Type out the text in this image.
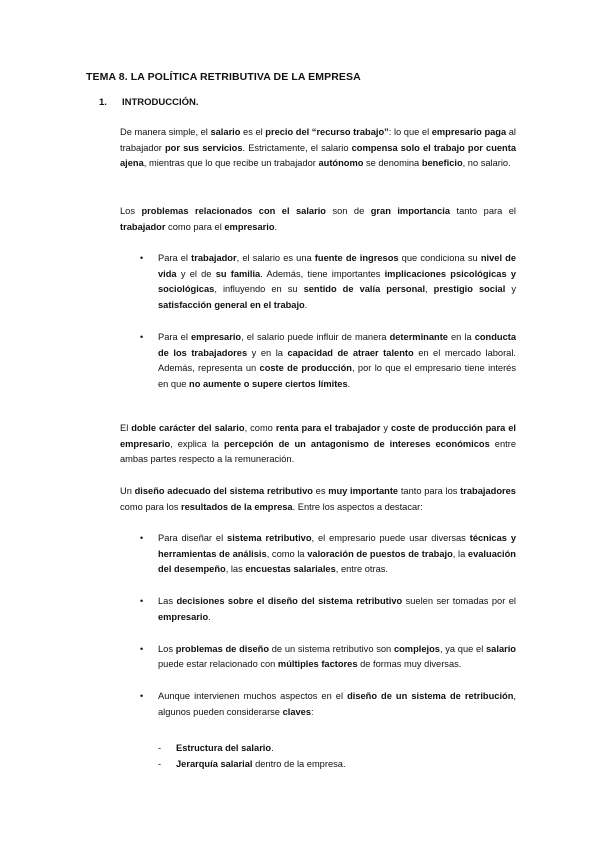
TEMA 8. LA POLÍTICA RETRIBUTIVA DE LA EMPRESA
1. INTRODUCCIÓN.
De manera simple, el salario es el precio del “recurso trabajo”: lo que el empresario paga al trabajador por sus servicios. Estrictamente, el salario compensa solo el trabajo por cuenta ajena, mientras que lo que recibe un trabajador autónomo se denomina beneficio, no salario.
Los problemas relacionados con el salario son de gran importancia tanto para el trabajador como para el empresario.
• Para el trabajador, el salario es una fuente de ingresos que condiciona su nivel de vida y el de su familia. Además, tiene importantes implicaciones psicológicas y sociológicas, influyendo en su sentido de valía personal, prestigio social y satisfacción general en el trabajo.
• Para el empresario, el salario puede influir de manera determinante en la conducta de los trabajadores y en la capacidad de atraer talento en el mercado laboral. Además, representa un coste de producción, por lo que el empresario tiene interés en que no aumente o supere ciertos límites.
El doble carácter del salario, como renta para el trabajador y coste de producción para el empresario, explica la percepción de un antagonismo de intereses económicos entre ambas partes respecto a la remuneración.
Un diseño adecuado del sistema retributivo es muy importante tanto para los trabajadores como para los resultados de la empresa. Entre los aspectos a destacar:
• Para diseñar el sistema retributivo, el empresario puede usar diversas técnicas y herramientas de análisis, como la valoración de puestos de trabajo, la evaluación del desempeño, las encuestas salariales, entre otras.
• Las decisiones sobre el diseño del sistema retributivo suelen ser tomadas por el empresario.
• Los problemas de diseño de un sistema retributivo son complejos, ya que el salario puede estar relacionado con múltiples factores de formas muy diversas.
• Aunque intervienen muchos aspectos en el diseño de un sistema de retribución, algunos pueden considerarse claves:
- Estructura del salario.
- Jerarquía salarial dentro de la empresa.
